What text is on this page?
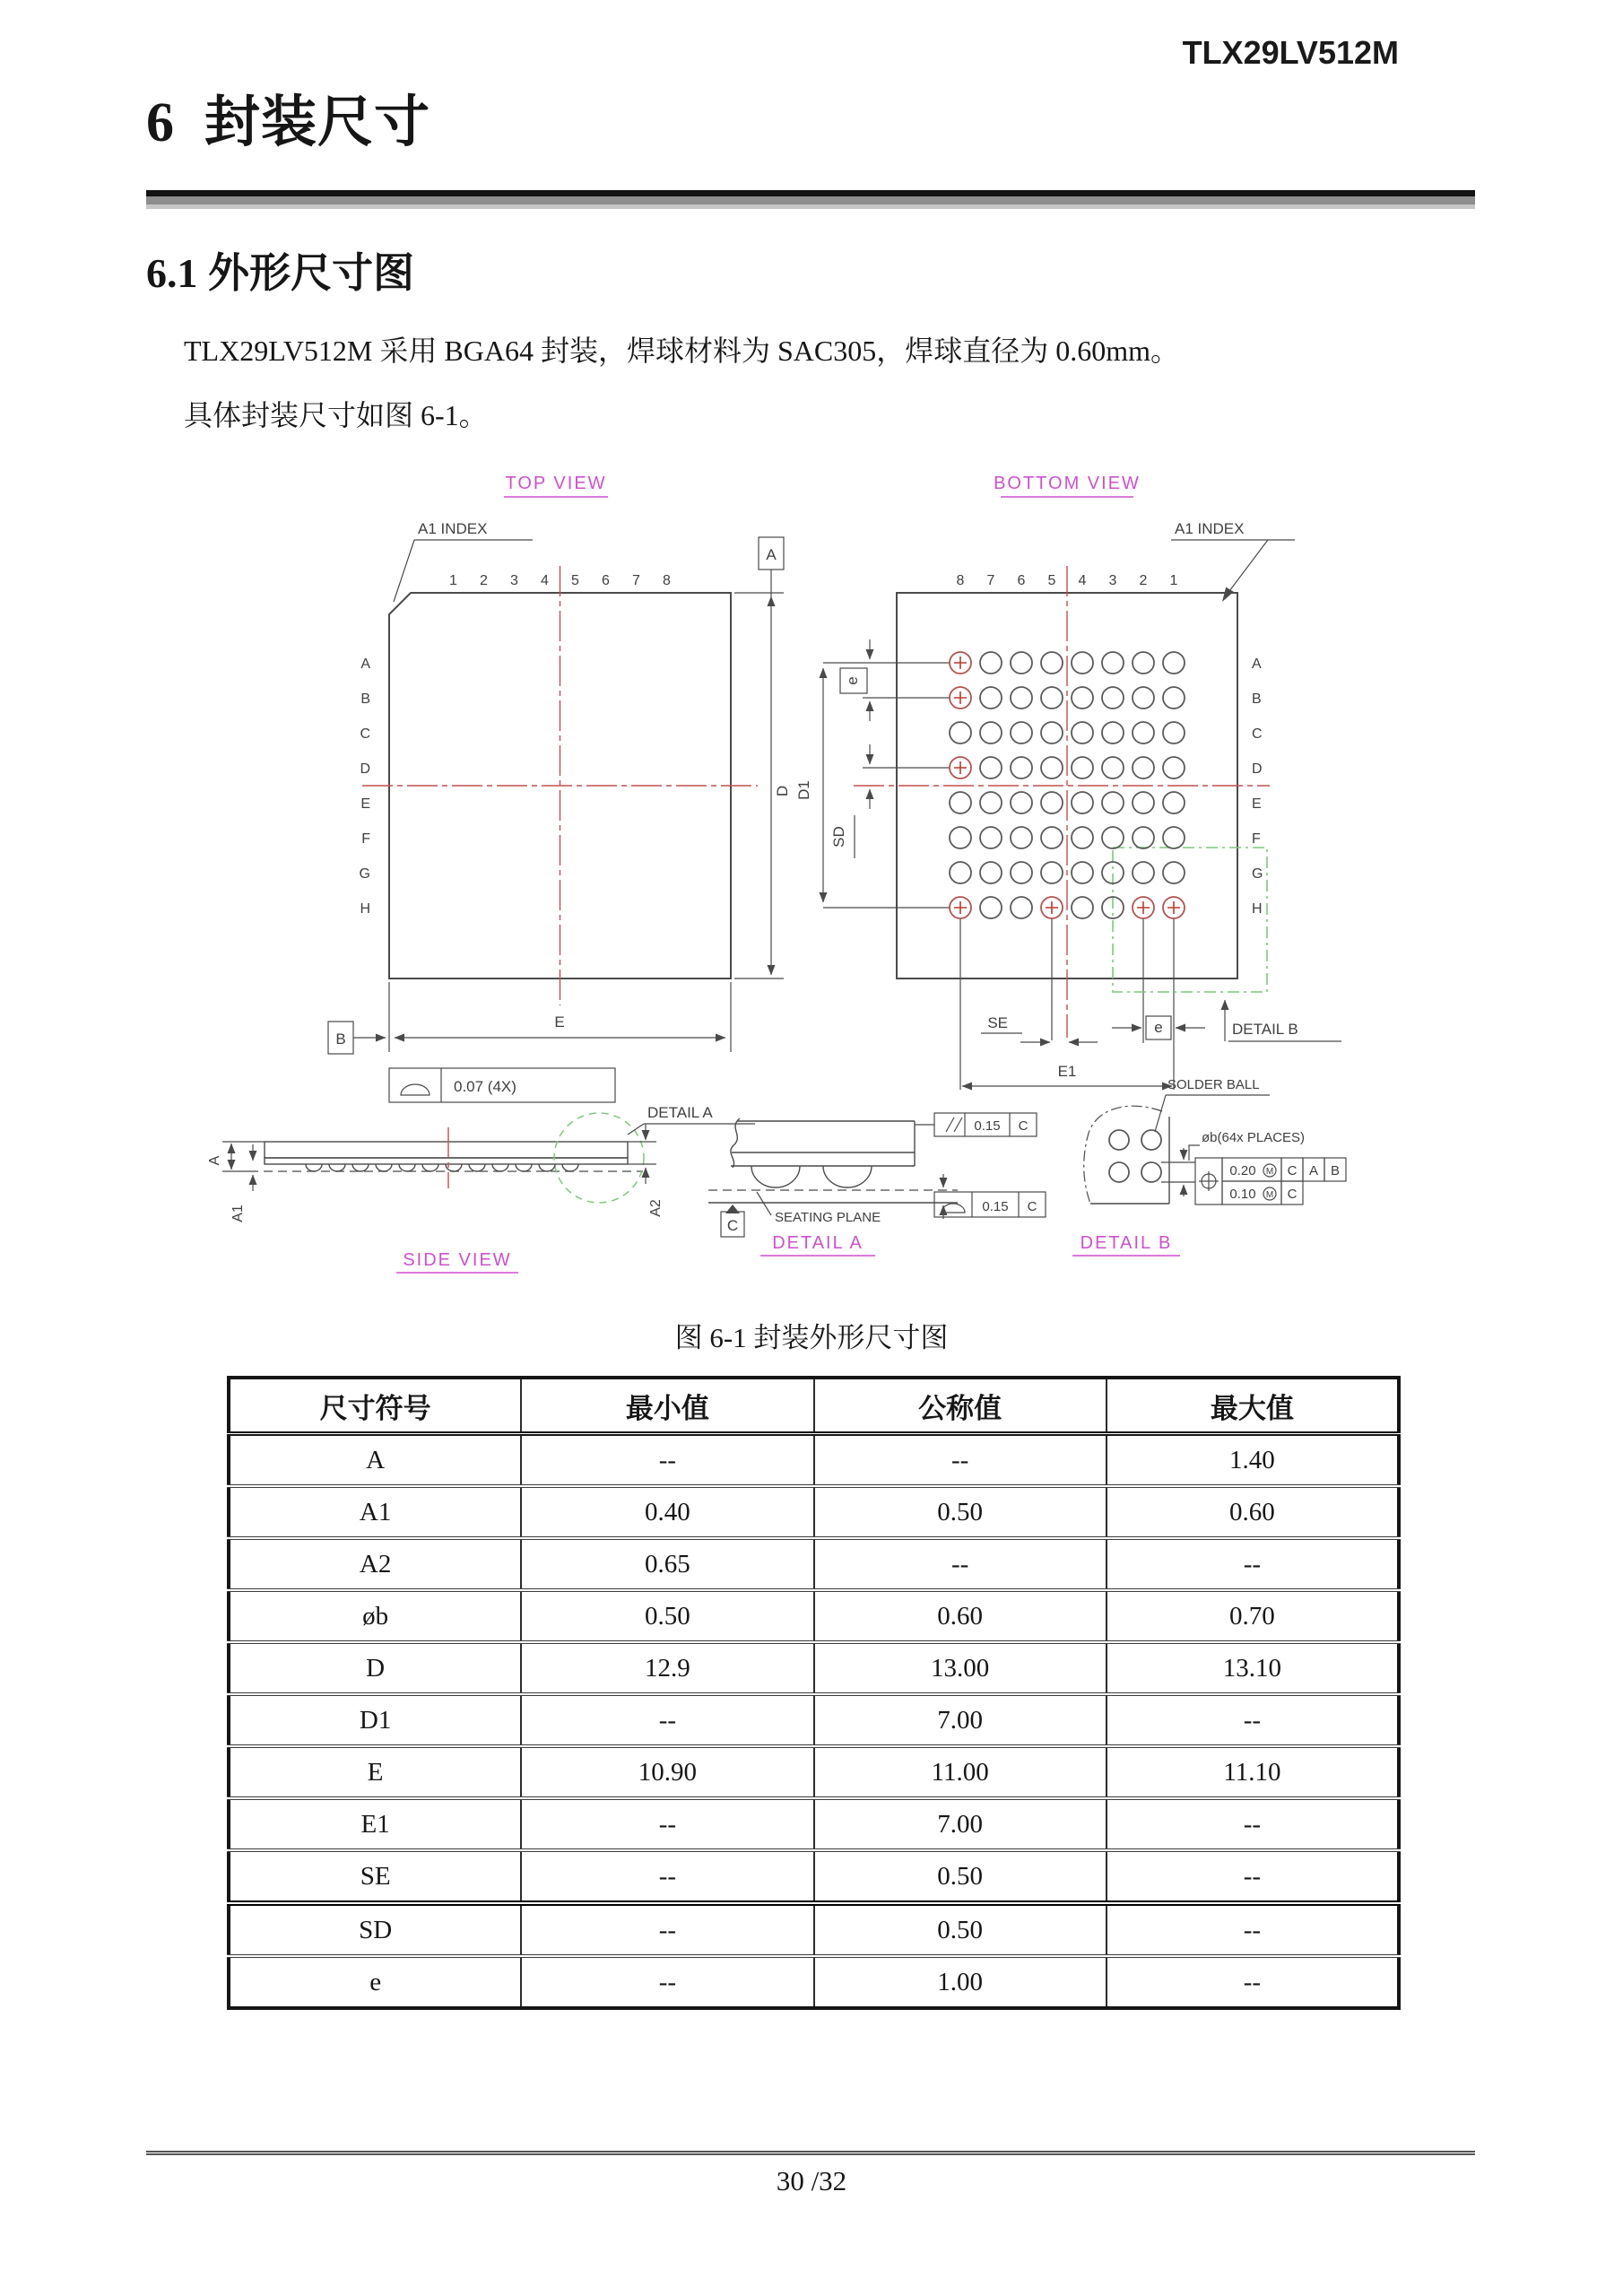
TLX29LV512M
6  封装尺寸
6.1 外形尺寸图
TLX29LV512M 采用 BGA64 封装，焊球材料为 SAC305，焊球直径为 0.60mm。
具体封装尺寸如图 6-1。
TOP VIEW
A1 INDEX
D
A
E
B
0.07 (4X)
1 2 3 4 5 6 7 8
A
B
C
D
E
F
G
H
BOTTOM VIEW
A1 INDEX
e
SD
D1
SE	e
E1
DETAIL B
8 7 6 5 4 3 2 1
A
B
C
D
E
F
G
H
DETAIL A
A
A1	A2
SIDE VIEW
0.15 C
0.15 C
C	SEATING PLANE
DETAIL A
SOLDER BALL
øb(64x PLACES)
0.20 M C A B
0.10 M C
DETAIL B
图 6-1 封装外形尺寸图
尺寸符号	最小值	公称值	最大值
A	--	--	1.40
A1	0.40	0.50	0.60
A2	0.65	--	--
øb	0.50	0.60	0.70
D	12.9	13.00	13.10
D1	--	7.00	--
E	10.90	11.00	11.10
E1	--	7.00	--
SE	--	0.50	--
SD	--	0.50	--
e	--	1.00	--
30 /32
